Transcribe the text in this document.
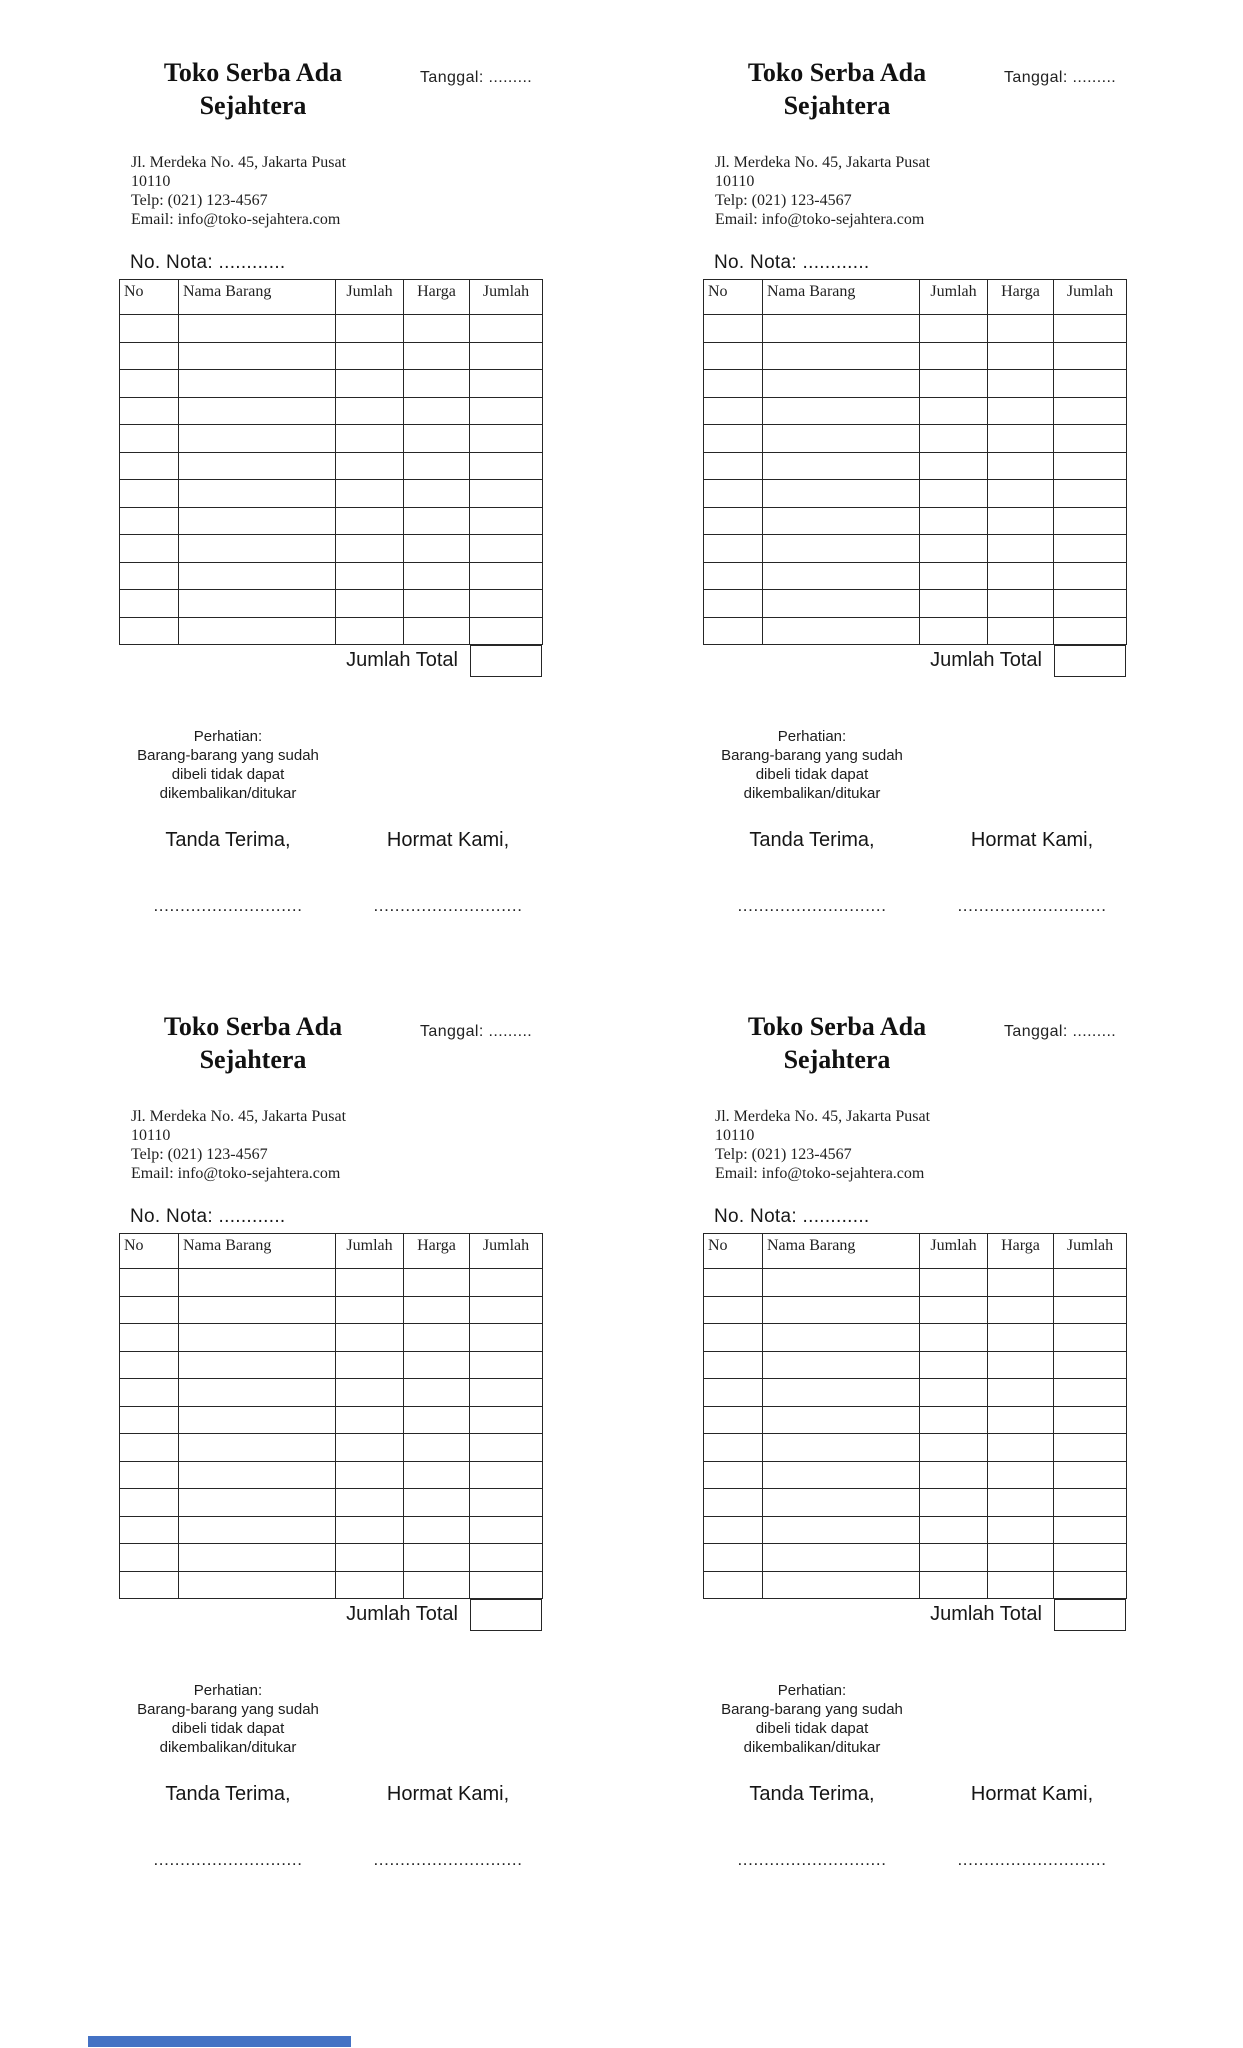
Toko Serba Ada
Sejahtera
Tanggal: .........
Jl. Merdeka No. 45, Jakarta Pusat
10110
Telp: (021) 123-4567
Email: info@toko-sejahtera.com
No. Nota: ............
No	Nama Barang	Jumlah	Harga	Jumlah

Jumlah Total
Perhatian:
Barang-barang yang sudah
dibeli tidak dapat
dikembalikan/ditukar
Tanda Terima,	Hormat Kami,
............................	............................
Toko Serba Ada
Sejahtera
Tanggal: .........
Jl. Merdeka No. 45, Jakarta Pusat
10110
Telp: (021) 123-4567
Email: info@toko-sejahtera.com
No. Nota: ............
No	Nama Barang	Jumlah	Harga	Jumlah

Jumlah Total
Perhatian:
Barang-barang yang sudah
dibeli tidak dapat
dikembalikan/ditukar
Tanda Terima,	Hormat Kami,
............................	............................
Toko Serba Ada
Sejahtera
Tanggal: .........
Jl. Merdeka No. 45, Jakarta Pusat
10110
Telp: (021) 123-4567
Email: info@toko-sejahtera.com
No. Nota: ............
No	Nama Barang	Jumlah	Harga	Jumlah

Jumlah Total
Perhatian:
Barang-barang yang sudah
dibeli tidak dapat
dikembalikan/ditukar
Tanda Terima,	Hormat Kami,
............................	............................
Toko Serba Ada
Sejahtera
Tanggal: .........
Jl. Merdeka No. 45, Jakarta Pusat
10110
Telp: (021) 123-4567
Email: info@toko-sejahtera.com
No. Nota: ............
No	Nama Barang	Jumlah	Harga	Jumlah

Jumlah Total
Perhatian:
Barang-barang yang sudah
dibeli tidak dapat
dikembalikan/ditukar
Tanda Terima,	Hormat Kami,
............................	............................
